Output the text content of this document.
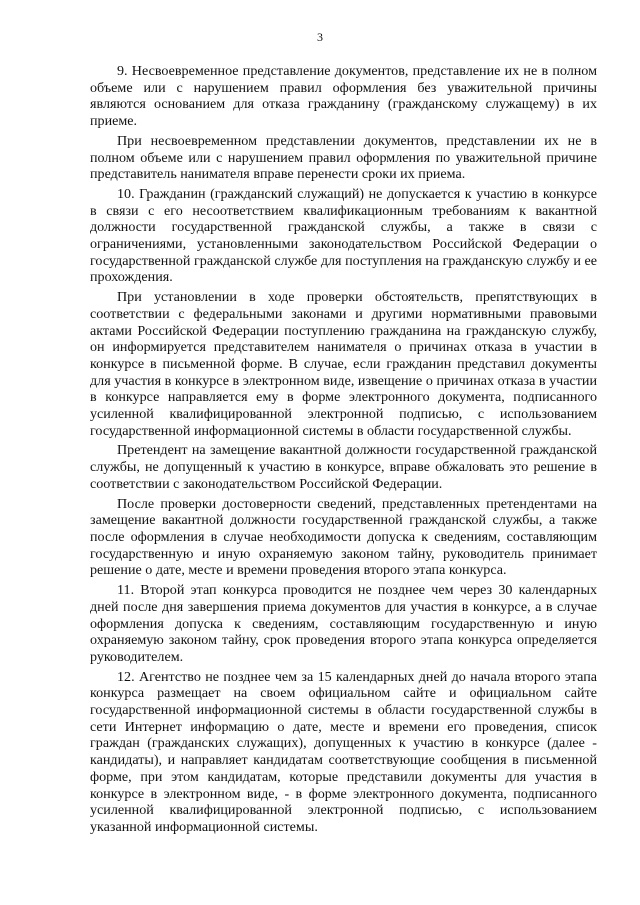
3

9. Несвоевременное представление документов, представление их не в полном объеме или с нарушением правил оформления без уважительной причины являются основанием для отказа гражданину (гражданскому служащему) в их приеме.

При несвоевременном представлении документов, представлении их не в полном объеме или с нарушением правил оформления по уважительной причине представитель нанимателя вправе перенести сроки их приема.

10. Гражданин (гражданский служащий) не допускается к участию в конкурсе в связи с его несоответствием квалификационным требованиям к вакантной должности государственной гражданской службы, а также в связи с ограничениями, установленными законодательством Российской Федерации о государственной гражданской службе для поступления на гражданскую службу и ее прохождения.

При установлении в ходе проверки обстоятельств, препятствующих в соответствии с федеральными законами и другими нормативными правовыми актами Российской Федерации поступлению гражданина на гражданскую службу, он информируется представителем нанимателя о причинах отказа в участии в конкурсе в письменной форме. В случае, если гражданин представил документы для участия в конкурсе в электронном виде, извещение о причинах отказа в участии в конкурсе направляется ему в форме электронного документа, подписанного усиленной квалифицированной электронной подписью, с использованием государственной информационной системы в области государственной службы.

Претендент на замещение вакантной должности государственной гражданской службы, не допущенный к участию в конкурсе, вправе обжаловать это решение в соответствии с законодательством Российской Федерации.

После проверки достоверности сведений, представленных претендентами на замещение вакантной должности государственной гражданской службы, а также после оформления в случае необходимости допуска к сведениям, составляющим государственную и иную охраняемую законом тайну, руководитель принимает решение о дате, месте и времени проведения второго этапа конкурса.

11. Второй этап конкурса проводится не позднее чем через 30 календарных дней после дня завершения приема документов для участия в конкурсе, а в случае оформления допуска к сведениям, составляющим государственную и иную охраняемую законом тайну, срок проведения второго этапа конкурса определяется руководителем.

12. Агентство не позднее чем за 15 календарных дней до начала второго этапа конкурса размещает на своем официальном сайте и официальном сайте государственной информационной системы в области государственной службы в сети Интернет информацию о дате, месте и времени его проведения, список граждан (гражданских служащих), допущенных к участию в конкурсе (далее - кандидаты), и направляет кандидатам соответствующие сообщения в письменной форме, при этом кандидатам, которые представили документы для участия в конкурсе в электронном виде, - в форме электронного документа, подписанного усиленной квалифицированной электронной подписью, с использованием указанной информационной системы.
